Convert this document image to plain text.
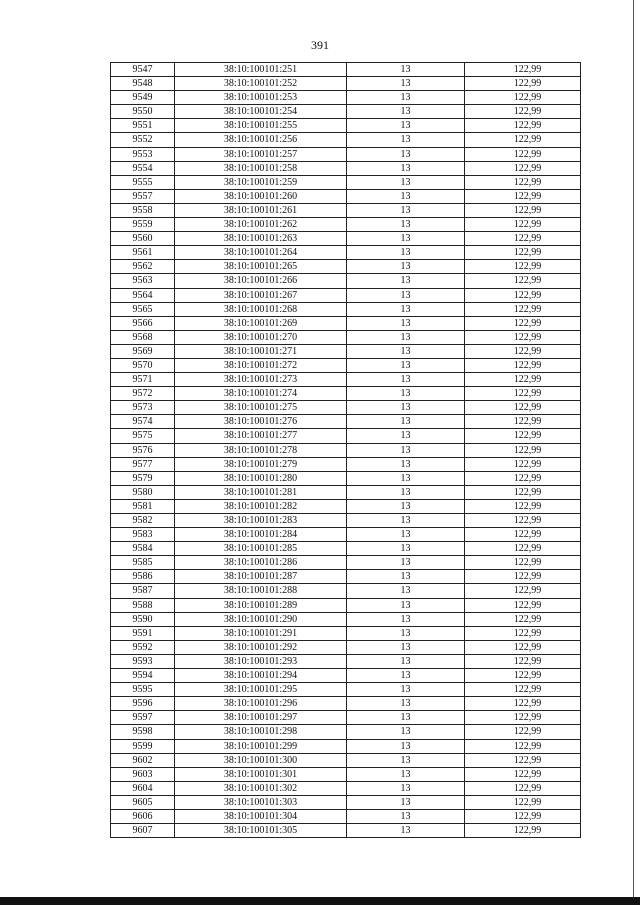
391
9547	38:10:100101:251	13	122,99
9548	38:10:100101:252	13	122,99
9549	38:10:100101:253	13	122,99
9550	38:10:100101:254	13	122,99
9551	38:10:100101:255	13	122,99
9552	38:10:100101:256	13	122,99
9553	38:10:100101:257	13	122,99
9554	38:10:100101:258	13	122,99
9555	38:10:100101:259	13	122,99
9557	38:10:100101:260	13	122,99
9558	38:10:100101:261	13	122,99
9559	38:10:100101:262	13	122,99
9560	38:10:100101:263	13	122,99
9561	38:10:100101:264	13	122,99
9562	38:10:100101:265	13	122,99
9563	38:10:100101:266	13	122,99
9564	38:10:100101:267	13	122,99
9565	38:10:100101:268	13	122,99
9566	38:10:100101:269	13	122,99
9568	38:10:100101:270	13	122,99
9569	38:10:100101:271	13	122,99
9570	38:10:100101:272	13	122,99
9571	38:10:100101:273	13	122,99
9572	38:10:100101:274	13	122,99
9573	38:10:100101:275	13	122,99
9574	38:10:100101:276	13	122,99
9575	38:10:100101:277	13	122,99
9576	38:10:100101:278	13	122,99
9577	38:10:100101:279	13	122,99
9579	38:10:100101:280	13	122,99
9580	38:10:100101:281	13	122,99
9581	38:10:100101:282	13	122,99
9582	38:10:100101:283	13	122,99
9583	38:10:100101:284	13	122,99
9584	38:10:100101:285	13	122,99
9585	38:10:100101:286	13	122,99
9586	38:10:100101:287	13	122,99
9587	38:10:100101:288	13	122,99
9588	38:10:100101:289	13	122,99
9590	38:10:100101:290	13	122,99
9591	38:10:100101:291	13	122,99
9592	38:10:100101:292	13	122,99
9593	38:10:100101:293	13	122,99
9594	38:10:100101:294	13	122,99
9595	38:10:100101:295	13	122,99
9596	38:10:100101:296	13	122,99
9597	38:10:100101:297	13	122,99
9598	38:10:100101:298	13	122,99
9599	38:10:100101:299	13	122,99
9602	38:10:100101:300	13	122,99
9603	38:10:100101:301	13	122,99
9604	38:10:100101:302	13	122,99
9605	38:10:100101:303	13	122,99
9606	38:10:100101:304	13	122,99
9607	38:10:100101:305	13	122,99
